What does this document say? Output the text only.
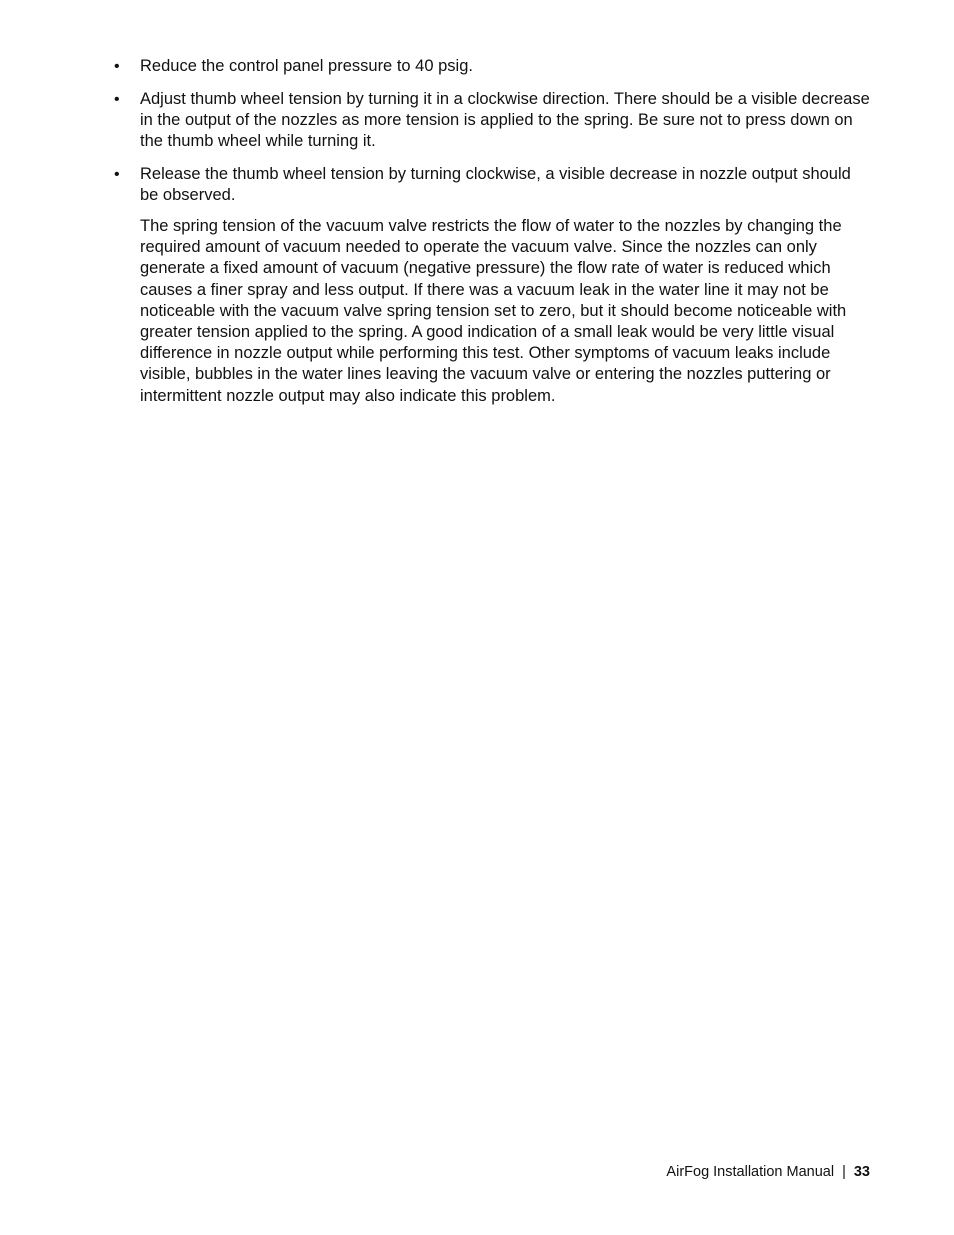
• Reduce the control panel pressure to 40 psig.
• Adjust thumb wheel tension by turning it in a clockwise direction. There should be a visible decrease in the output of the nozzles as more tension is applied to the spring. Be sure not to press down on the thumb wheel while turning it.
• Release the thumb wheel tension by turning clockwise, a visible decrease in nozzle output should be observed.

The spring tension of the vacuum valve restricts the flow of water to the nozzles by changing the required amount of vacuum needed to operate the vacuum valve. Since the nozzles can only generate a fixed amount of vacuum (negative pressure) the flow rate of water is reduced which causes a finer spray and less output. If there was a vacuum leak in the water line it may not be noticeable with the vacuum valve spring tension set to zero, but it should become noticeable with greater tension applied to the spring. A good indication of a small leak would be very little visual difference in nozzle output while performing this test. Other symptoms of vacuum leaks include visible, bubbles in the water lines leaving the vacuum valve or entering the nozzles puttering or intermittent nozzle output may also indicate this problem.

AirFog Installation Manual | 33
